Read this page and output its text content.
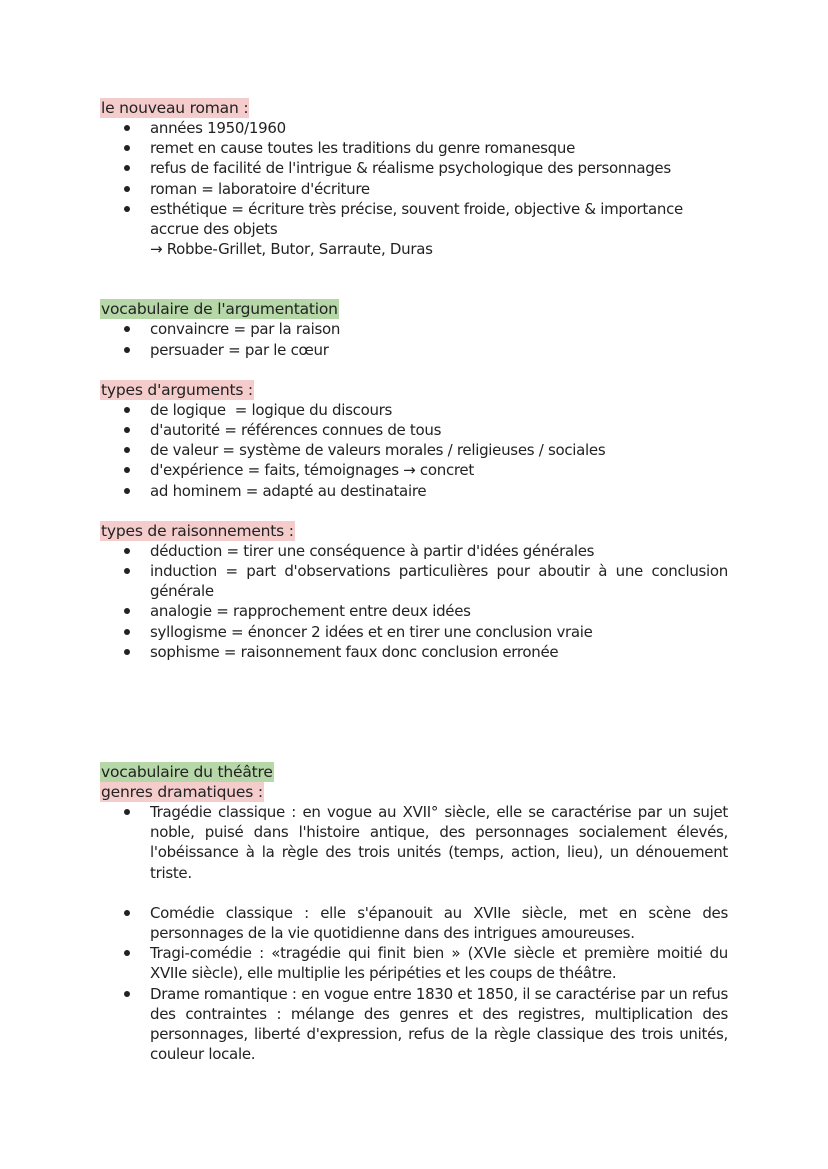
le nouveau roman :
années 1950/1960
remet en cause toutes les traditions du genre romanesque
refus de facilité de l'intrigue & réalisme psychologique des personnages
roman = laboratoire d'écriture
esthétique = écriture très précise, souvent froide, objective & importance accrue des objets
→ Robbe-Grillet, Butor, Sarraute, Duras
vocabulaire de l'argumentation
convaincre = par la raison
persuader = par le cœur
types d'arguments :
de logique  = logique du discours
d'autorité = références connues de tous
de valeur = système de valeurs morales / religieuses / sociales
d'expérience = faits, témoignages → concret
ad hominem = adapté au destinataire
types de raisonnements :
déduction = tirer une conséquence à partir d'idées générales
induction = part d'observations particulières pour aboutir à une conclusion générale
analogie = rapprochement entre deux idées
syllogisme = énoncer 2 idées et en tirer une conclusion vraie
sophisme = raisonnement faux donc conclusion erronée
vocabulaire du théâtre
genres dramatiques :
Tragédie classique : en vogue au XVII° siècle, elle se caractérise par un sujet noble, puisé dans l'histoire antique, des personnages socialement élevés, l'obéissance à la règle des trois unités (temps, action, lieu), un dénouement triste.
Comédie classique : elle s'épanouit au XVIIe siècle, met en scène des personnages de la vie quotidienne dans des intrigues amoureuses.
Tragi-comédie : «tragédie qui finit bien » (XVIe siècle et première moitié du XVIIe siècle), elle multiplie les péripéties et les coups de théâtre.
Drame romantique : en vogue entre 1830 et 1850, il se caractérise par un refus des contraintes : mélange des genres et des registres, multiplication des personnages, liberté d'expression, refus de la règle classique des trois unités, couleur locale.
